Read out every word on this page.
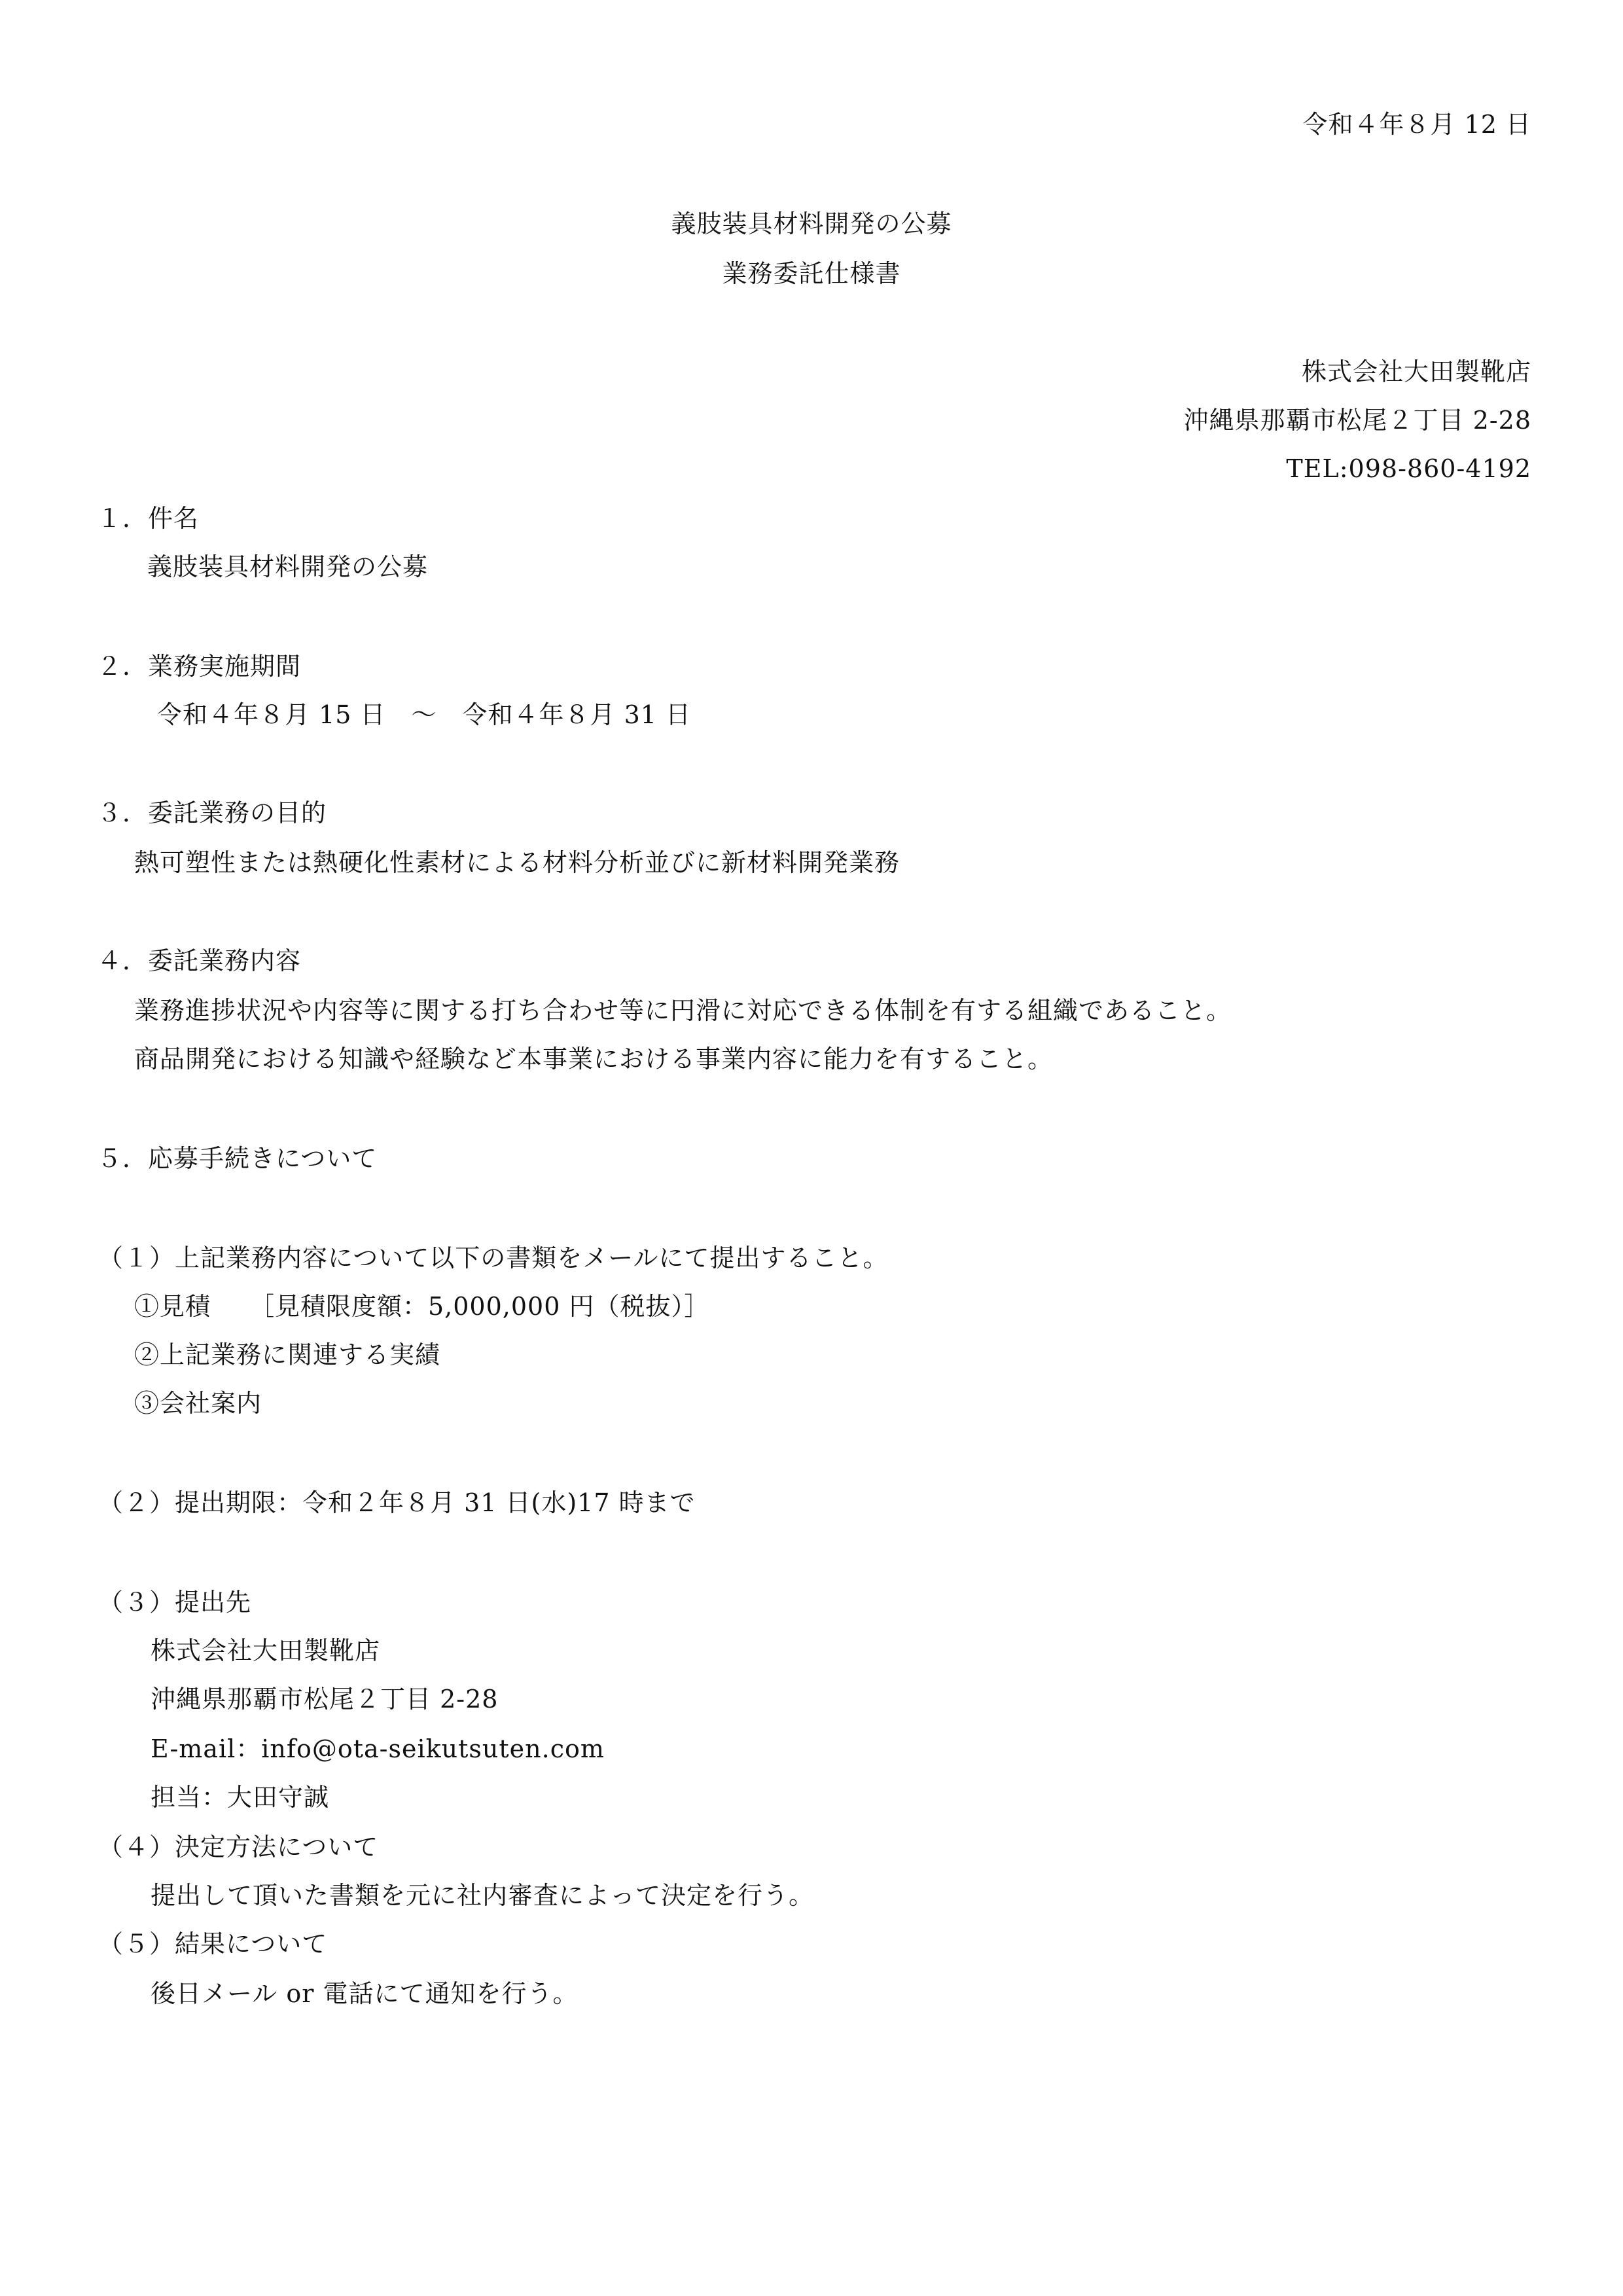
令和４年８月 12 日
義肢装具材料開発の公募
業務委託仕様書
株式会社大田製靴店
沖縄県那覇市松尾２丁目 2-28
TEL:098-860-4192
１．件名
義肢装具材料開発の公募
２．業務実施期間
令和４年８月 15 日　～　令和４年８月 31 日
３．委託業務の目的
熱可塑性または熱硬化性素材による材料分析並びに新材料開発業務
４．委託業務内容
業務進捗状況や内容等に関する打ち合わせ等に円滑に対応できる体制を有する組織であること。
商品開発における知識や経験など本事業における事業内容に能力を有すること。
５．応募手続きについて
（１）上記業務内容について以下の書類をメールにて提出すること。
①見積　　［見積限度額：5,000,000 円（税抜）］
②上記業務に関連する実績
③会社案内
（２）提出期限：令和２年８月 31 日(水)17 時まで
（３）提出先
株式会社大田製靴店
沖縄県那覇市松尾２丁目 2-28
E-mail：info@ota-seikutsuten.com
担当：大田守誠
（４）決定方法について
提出して頂いた書類を元に社内審査によって決定を行う。
（５）結果について
後日メール or 電話にて通知を行う。
